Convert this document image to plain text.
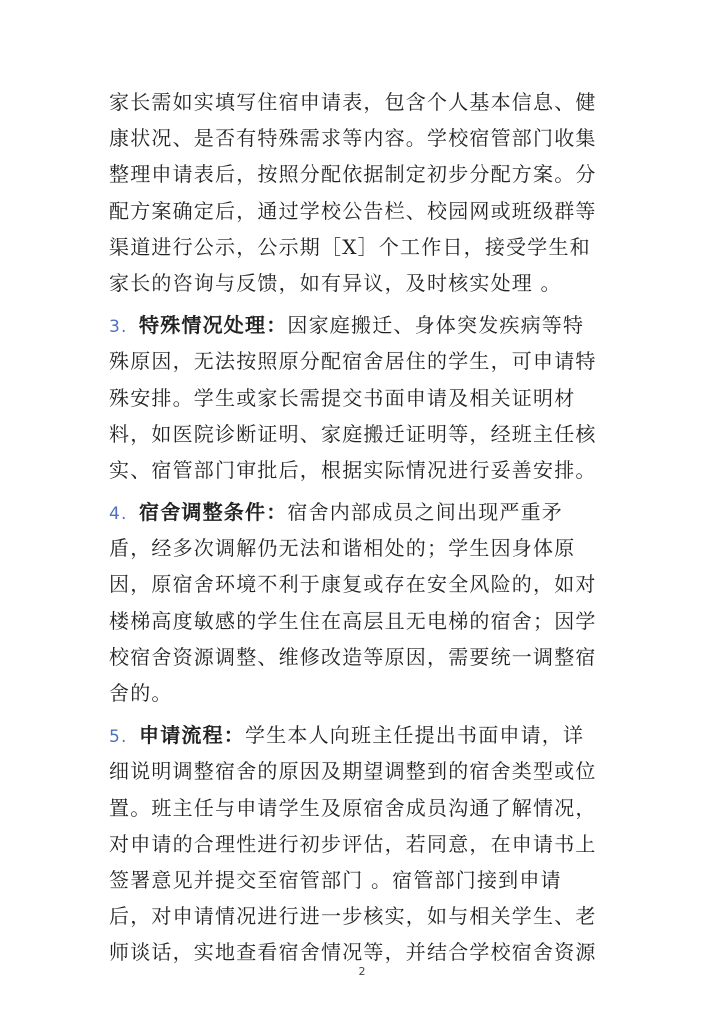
家长需如实填写住宿申请表，包含个人基本信息、健
康状况、是否有特殊需求等内容。学校宿管部门收集
整理申请表后，按照分配依据制定初步分配方案。分
配方案确定后，通过学校公告栏、校园网或班级群等
渠道进行公示，公示期［X］个工作日，接受学生和
家长的咨询与反馈，如有异议，及时核实处理 。
3. 特殊情况处理：因家庭搬迁、身体突发疾病等特
殊原因，无法按照原分配宿舍居住的学生，可申请特
殊安排。学生或家长需提交书面申请及相关证明材
料，如医院诊断证明、家庭搬迁证明等，经班主任核
实、宿管部门审批后，根据实际情况进行妥善安排。
4. 宿舍调整条件：宿舍内部成员之间出现严重矛
盾，经多次调解仍无法和谐相处的；学生因身体原
因，原宿舍环境不利于康复或存在安全风险的，如对
楼梯高度敏感的学生住在高层且无电梯的宿舍；因学
校宿舍资源调整、维修改造等原因，需要统一调整宿
舍的。
5. 申请流程：学生本人向班主任提出书面申请，详
细说明调整宿舍的原因及期望调整到的宿舍类型或位
置。班主任与申请学生及原宿舍成员沟通了解情况，
对申请的合理性进行初步评估，若同意，在申请书上
签署意见并提交至宿管部门 。宿管部门接到申请
后，对申请情况进行进一步核实，如与相关学生、老
师谈话，实地查看宿舍情况等，并结合学校宿舍资源
2
